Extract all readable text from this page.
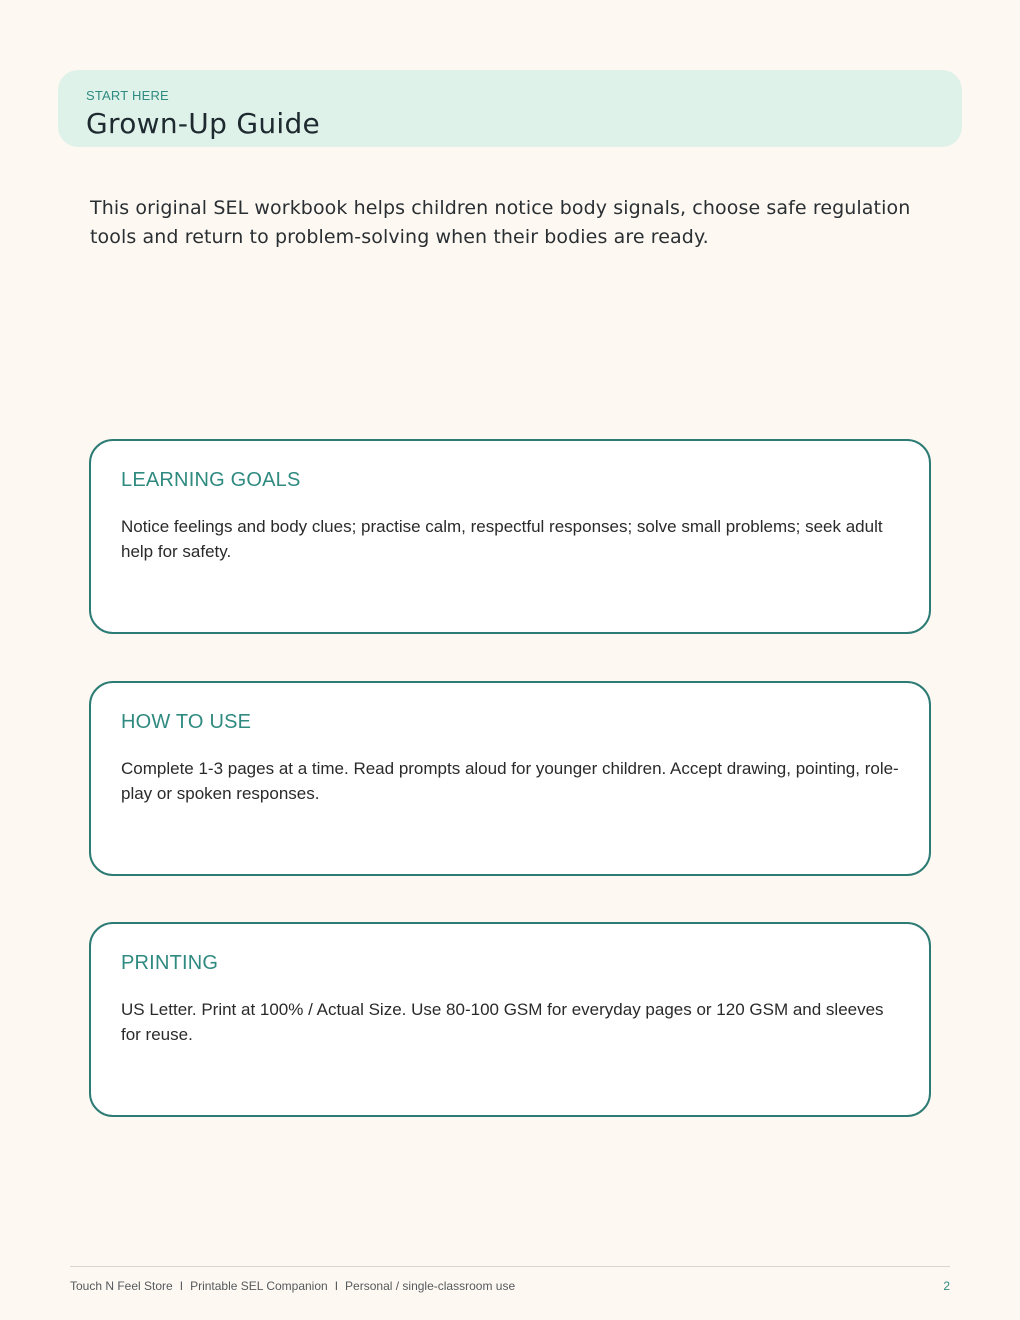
START HERE
Grown-Up Guide
This original SEL workbook helps children notice body signals, choose safe regulation tools and return to problem-solving when their bodies are ready.
LEARNING GOALS
Notice feelings and body clues; practise calm, respectful responses; solve small problems; seek adult help for safety.
HOW TO USE
Complete 1-3 pages at a time. Read prompts aloud for younger children. Accept drawing, pointing, role-play or spoken responses.
PRINTING
US Letter. Print at 100% / Actual Size. Use 80-100 GSM for everyday pages or 120 GSM and sleeves for reuse.
Touch N Feel Store I Printable SEL Companion I Personal / single-classroom use	2
